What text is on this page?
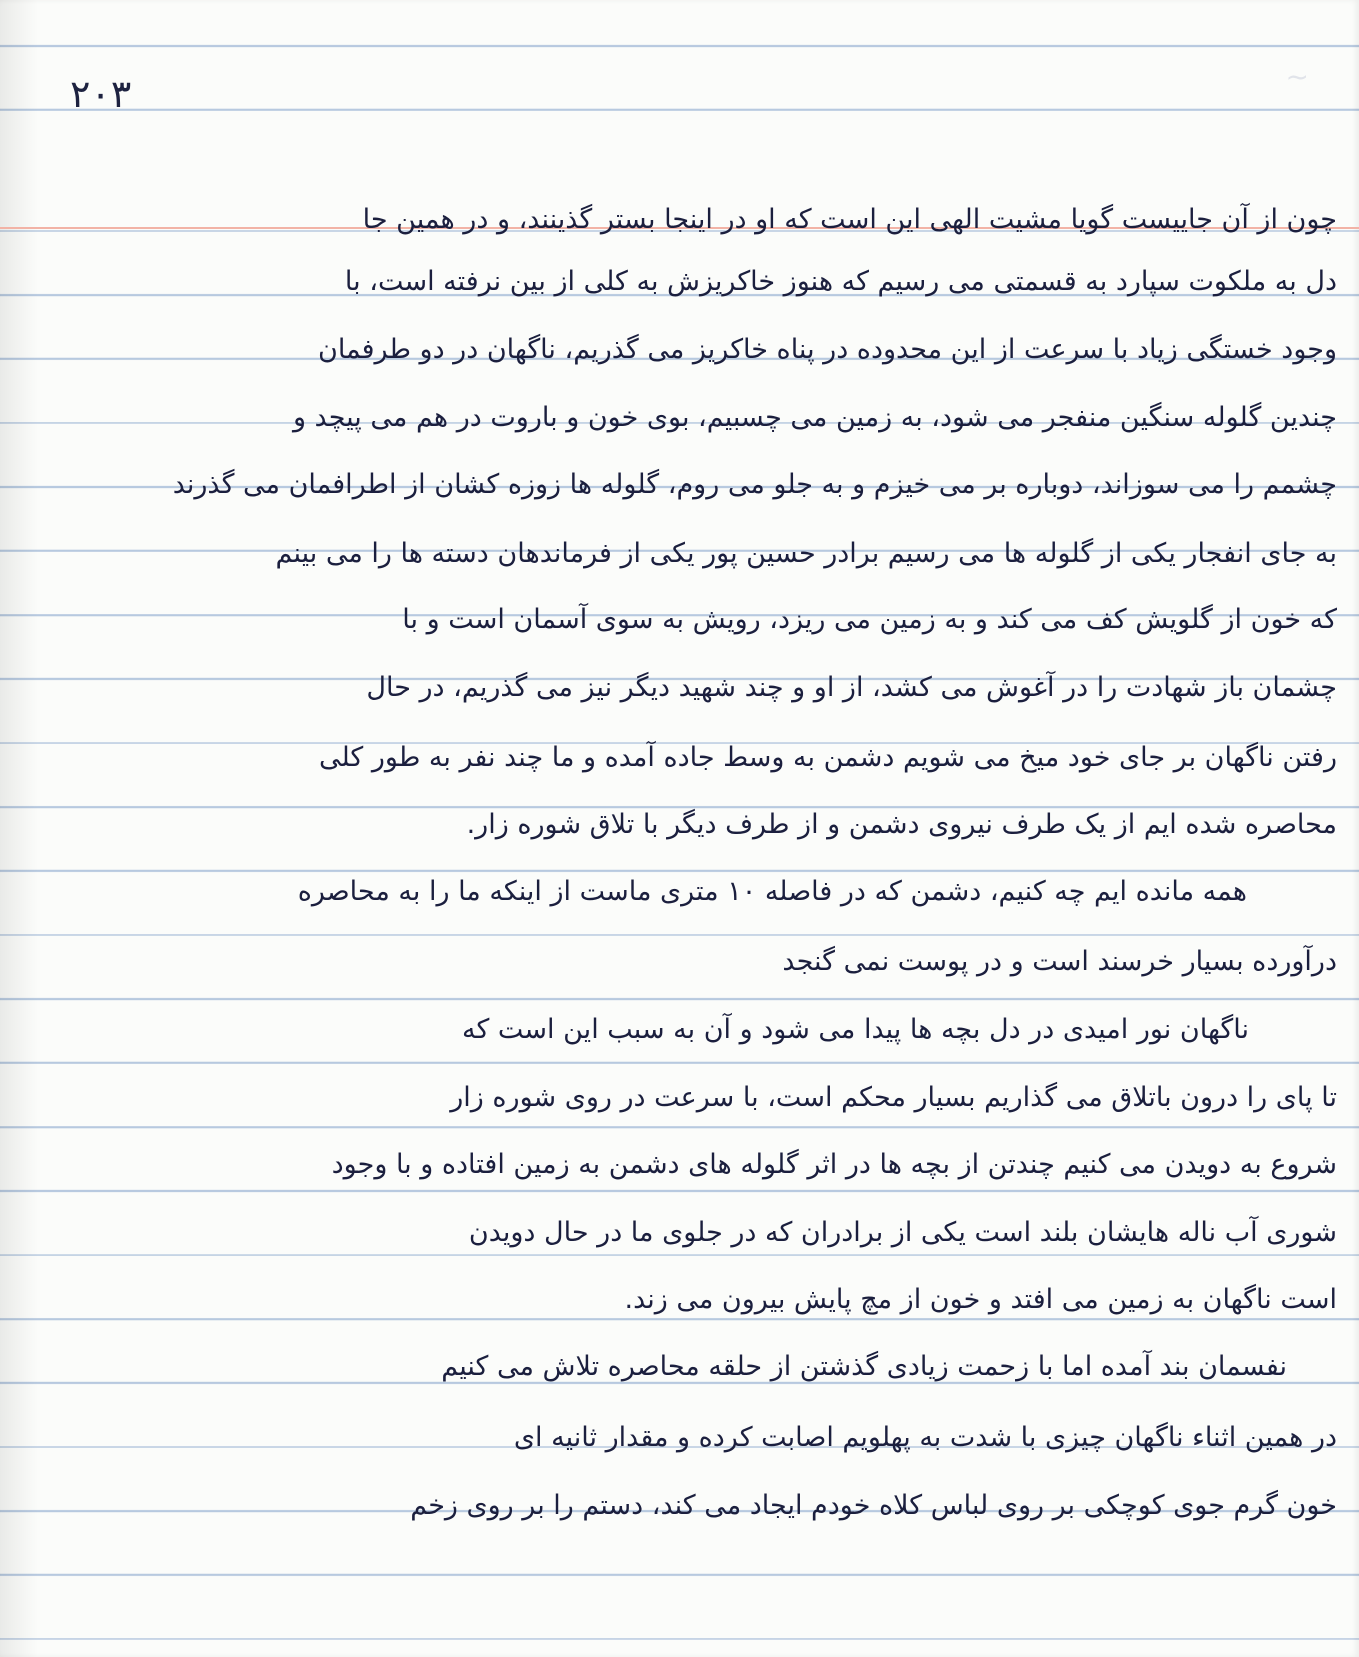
~
۲۰۳

چون از آن جاییست گویا مشیت الهی این است که او در اینجا بستر گذینند، و در همین جا

دل به ملکوت سپارد به قسمتی می رسیم که هنوز خاکریزش به کلی از بین نرفته است، با

وجود خستگی زیاد با سرعت از این محدوده در پناه خاکریز می گذریم، ناگهان در دو طرفمان

چندین گلوله سنگین منفجر می شود، به زمین می چسبیم، بوی خون و باروت در هم می پیچد و

چشمم را می سوزاند، دوباره بر می خیزم و به جلو می روم، گلوله ها زوزه کشان از اطرافمان می گذرند

به جای انفجار یکی از گلوله ها می رسیم برادر حسین پور یکی از فرماندهان دسته ها را می بینم

که خون از گلویش کف می کند و به زمین می ریزد، رویش به سوی آسمان است و با

چشمان باز شهادت را در آغوش می کشد، از او و چند شهید دیگر نیز می گذریم، در حال

رفتن ناگهان بر جای خود میخ می شویم دشمن به وسط جاده آمده و ما چند نفر به طور کلی

محاصره شده ایم از یک طرف نیروی دشمن و از طرف دیگر با تلاق شوره زار.

همه مانده ایم چه کنیم، دشمن که در فاصله ۱۰ متری ماست از اینکه ما را به محاصره

درآورده بسیار خرسند است و در پوست نمی گنجد

ناگهان نور امیدی در دل بچه ها پیدا می شود و آن به سبب این است که

تا پای را درون باتلاق می گذاریم بسیار محکم است، با سرعت در روی شوره زار

شروع به دویدن می کنیم چندتن از بچه ها در اثر گلوله های دشمن به زمین افتاده و با وجود

شوری آب ناله هایشان بلند است یکی از برادران که در جلوی ما در حال دویدن

است ناگهان به زمین می افتد و خون از مچ پایش بیرون می زند.

نفسمان بند آمده اما با زحمت زیادی گذشتن از حلقه محاصره تلاش می کنیم

در همین اثناء ناگهان چیزی با شدت به پهلویم اصابت کرده و مقدار ثانیه ای

خون گرم جوی کوچکی بر روی لباس کلاه خودم ایجاد می کند، دستم را بر روی زخم
